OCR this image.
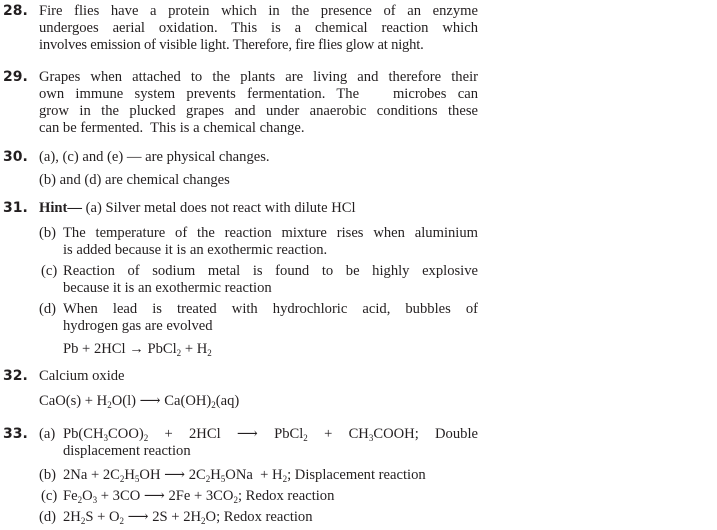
28. Fire flies have a protein which in the presence of an enzyme
undergoes aerial oxidation. This is a chemical reaction which
involves emission of visible light. Therefore, fire flies glow at night.
29. Grapes when attached to the plants are living and therefore their
own immune system prevents fermentation. The   microbes can
grow in the plucked grapes and under anaerobic conditions these
can be fermented.  This is a chemical change.
30. (a), (c) and (e) — are physical changes.
(b) and (d) are chemical changes
31. Hint— (a) Silver metal does not react with dilute HCl
(b) The temperature of the reaction mixture rises when aluminium
is added because it is an exothermic reaction.
(c) Reaction of sodium metal is found to be highly explosive
because it is an exothermic reaction
(d) When lead is treated with hydrochloric acid, bubbles of
hydrogen gas are evolved
Pb + 2HCl → PbCl$_2$ + $H_2$
32. Calcium oxide
$CaO(s) + H_2O(l)$ ⟶ $Ca(OH)_2(aq)$
33. (a) $Pb(CH_3COO)_2 + 2HCl$ ⟶ PbCl$_2$ + $CH_3COOH$; Double
displacement reaction
(b) $2Na + 2C_2H_5OH$ ⟶ $2C_2H_5ONa + H_2$; Displacement reaction
(c) $Fe_2O_3 + 3CO$ ⟶ $2Fe + 3CO_2$; Redox reaction
(d) $2H_2S + O_2$ ⟶ $2S + 2H_2O$; Redox reaction
